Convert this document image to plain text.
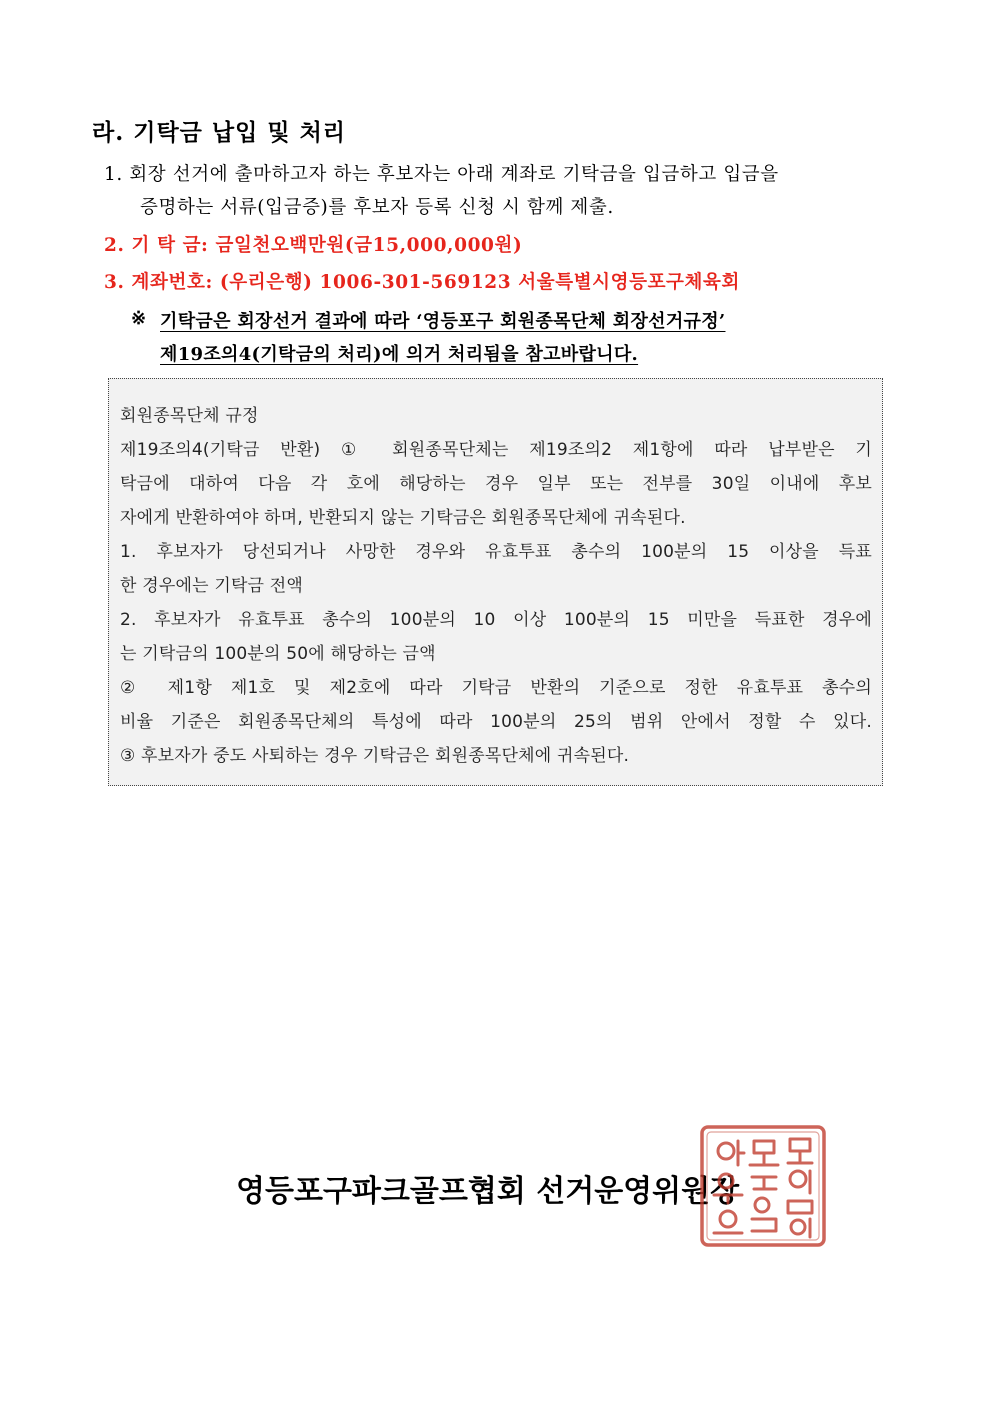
라. 기탁금 납입 및 처리
1. 회장 선거에 출마하고자 하는 후보자는 아래 계좌로 기탁금을 입금하고 입금을
증명하는 서류(입금증)를 후보자 등록 신청 시 함께 제출.
2. 기 탁 금: 금일천오백만원(금15,000,000원)
3. 계좌번호: (우리은행) 1006-301-569123 서울특별시영등포구체육회
※ 기탁금은 회장선거 결과에 따라 ‘영등포구 회원종목단체 회장선거규정’
제19조의4(기탁금의 처리)에 의거 처리됨을 참고바랍니다.
회원종목단체 규정
제19조의4(기탁금 반환) ① 회원종목단체는 제19조의2 제1항에 따라 납부받은 기
탁금에 대하여 다음 각 호에 해당하는 경우 일부 또는 전부를 30일 이내에 후보
자에게 반환하여야 하며, 반환되지 않는 기탁금은 회원종목단체에 귀속된다.
1. 후보자가 당선되거나 사망한 경우와 유효투표 총수의 100분의 15 이상을 득표
한 경우에는 기탁금 전액
2. 후보자가 유효투표 총수의 100분의 10 이상 100분의 15 미만을 득표한 경우에
는 기탁금의 100분의 50에 해당하는 금액
② 제1항 제1호 및 제2호에 따라 기탁금 반환의 기준으로 정한 유효투표 총수의
비율 기준은 회원종목단체의 특성에 따라 100분의 25의 범위 안에서 정할 수 있다.
③ 후보자가 중도 사퇴하는 경우 기탁금은 회원종목단체에 귀속된다.
영등포구파크골프협회 선거운영위원장
